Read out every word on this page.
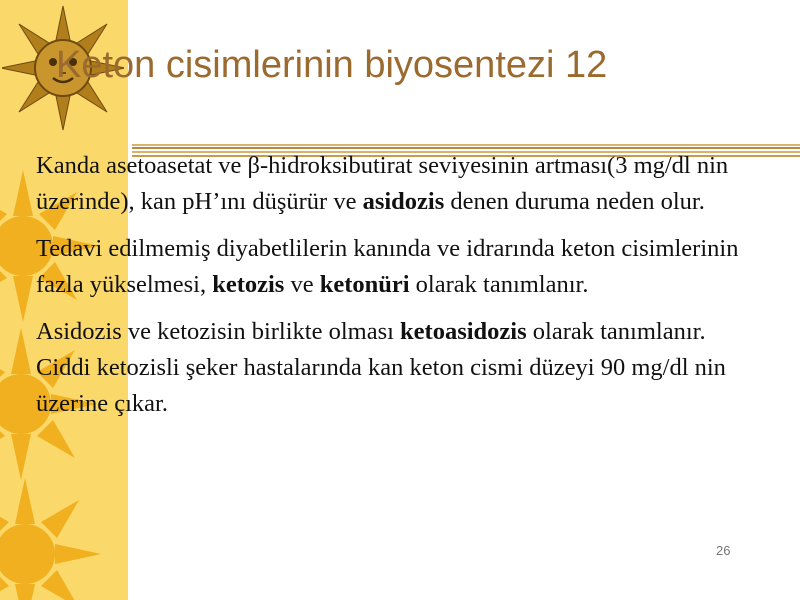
Keton cisimlerinin biyosentezi 12

Kanda asetoasetat ve β-hidroksibutirat seviyesinin artması(3 mg/dl nin üzerinde), kan pH’ını düşürür ve asidozis denen duruma neden olur.

Tedavi edilmemiş diyabetlilerin kanında ve idrarında keton cisimlerinin fazla yükselmesi, ketozis ve ketonüri olarak tanımlanır.

Asidozis ve ketozisin birlikte olması ketoasidozis olarak tanımlanır. Ciddi ketozisli şeker hastalarında kan keton cismi düzeyi 90 mg/dl nin üzerine çıkar.

26
